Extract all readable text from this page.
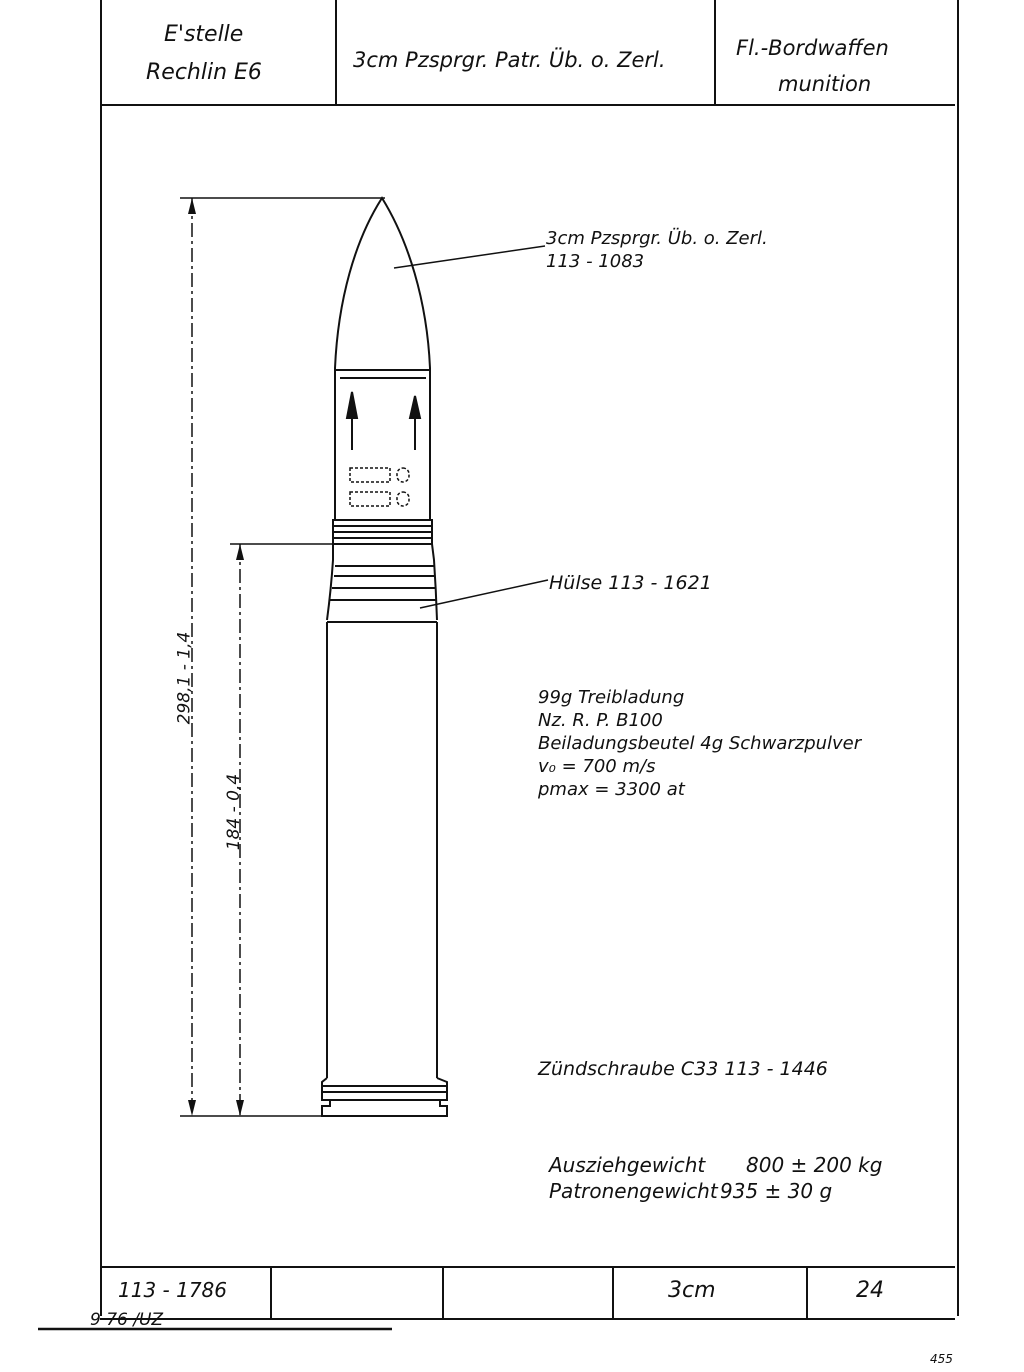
E'stelle
Rechlin E6	3cm Pzsprgr. Patr. Üb. o. Zerl.	Fl.-Bordwaffen
munition
298,1 - 1,4
184 - 0,4
3cm Pzsprgr. Üb. o. Zerl.
113 - 1083
Hülse 113 - 1621
99g Treibladung
Nz. R. P. B100
Beiladungsbeutel 4g Schwarzpulver
v₀ = 700 m/s
pmax = 3300 at
Zündschraube C33 113 - 1446
Ausziehgewicht 800 ± 200 kg
Patronengewicht 935 ± 30 g
113 - 1786	3cm	24
9 76 /UZ
455
